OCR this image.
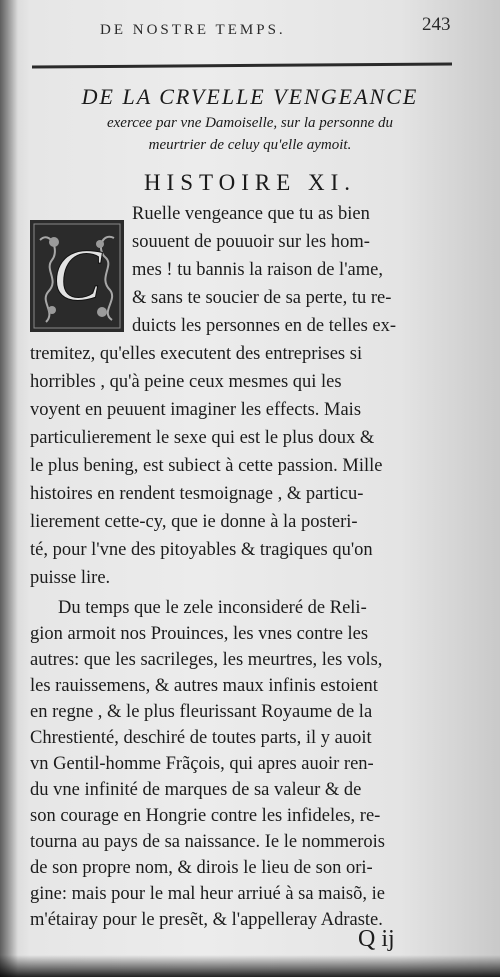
DE NOSTRE TEMPS.	243
DE LA CRVELLE VENGEANCE
exercee par vne Damoiselle, sur la personne du
meurtrier de celuy qu'elle aymoit.
HISTOIRE XI.
C
Ruelle vengeance que tu as bien
souuent de pouuoir sur les hom-
mes ! tu bannis la raison de l'ame,
& sans te soucier de sa perte, tu re-
duicts les personnes en de telles ex-
tremitez, qu'elles executent des entreprises si
horribles , qu'à peine ceux mesmes qui les
voyent en peuuent imaginer les effects. Mais
particulierement le sexe qui est le plus doux &
le plus bening, est subiect à cette passion. Mille
histoires en rendent tesmoignage , & particu-
lierement cette-cy, que ie donne à la posteri-
té, pour l'vne des pitoyables & tragiques qu'on
puisse lire.
Du temps que le zele inconsideré de Reli-
gion armoit nos Prouinces, les vnes contre les
autres: que les sacrileges, les meurtres, les vols,
les rauissemens, & autres maux infinis estoient
en regne , & le plus fleurissant Royaume de la
Chrestienté, deschiré de toutes parts, il y auoit
vn Gentil-homme Frãçois, qui apres auoir ren-
du vne infinité de marques de sa valeur & de
son courage en Hongrie contre les infideles, re-
tourna au pays de sa naissance. Ie le nommerois
de son propre nom, & dirois le lieu de son ori-
gine: mais pour le mal heur arriué à sa maisõ, ie
m'étairay pour le presẽt, & l'appelleray Adraste.
Q ij
